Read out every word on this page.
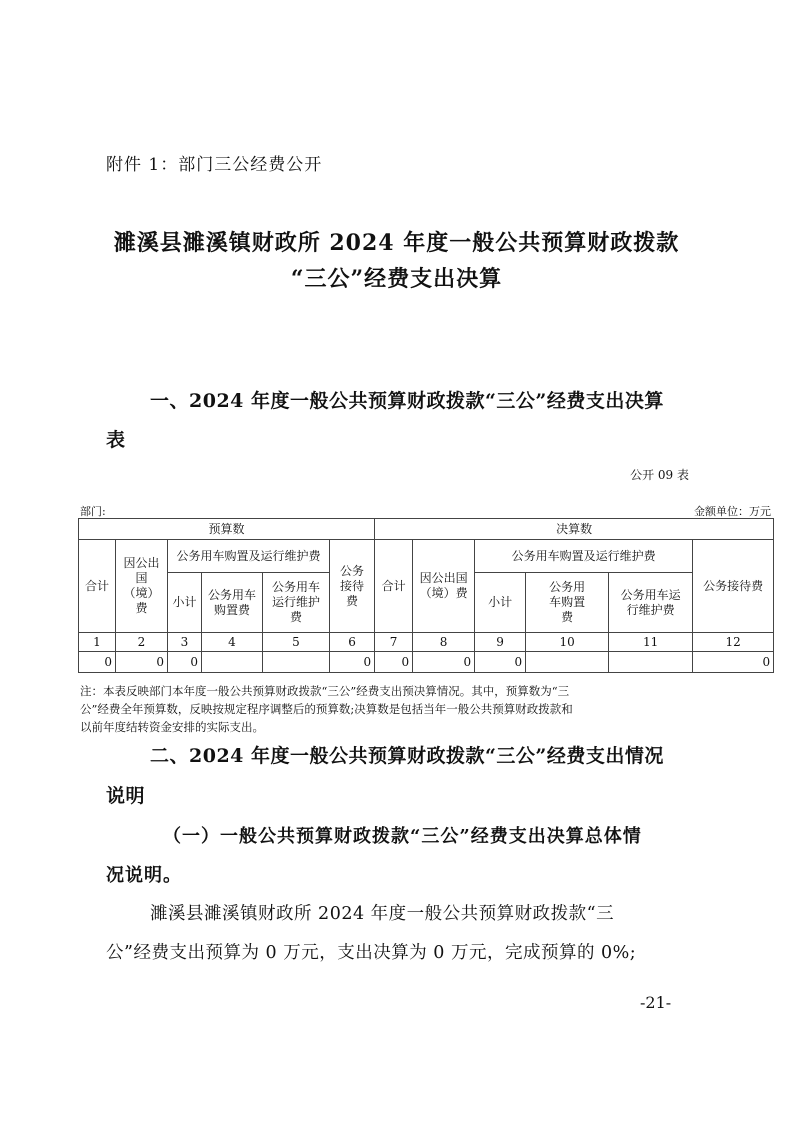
附件 1：部门三公经费公开
濉溪县濉溪镇财政所 2024 年度一般公共预算财政拨款
“三公”经费支出决算
一、2024 年度一般公共预算财政拨款“三公”经费支出决算
表
公开 09 表
部门:	金额单位：万元
预算数						决算数					
合计	因公出国（境）费	公务用车购置及运行维护费			公务接待费	合计	因公出国（境）费	公务用车购置及运行维护费			公务接待费
		小计	公务用车购置费	公务用车运行维护费				小计	公务用车购置费	公务用车运行维护费	
1	2	3	4	5	6	7	8	9	10	11	12
0	0	0			0	0	0	0			0
注：本表反映部门本年度一般公共预算财政拨款“三公”经费支出预决算情况。其中，预算数为“三
公”经费全年预算数，反映按规定程序调整后的预算数;决算数是包括当年一般公共预算财政拨款和
以前年度结转资金安排的实际支出。
二、2024 年度一般公共预算财政拨款“三公”经费支出情况
说明
（一）一般公共预算财政拨款“三公”经费支出决算总体情
况说明。
濉溪县濉溪镇财政所 2024 年度一般公共预算财政拨款“三
公”经费支出预算为 0 万元，支出决算为 0 万元，完成预算的 0%;
-21-
